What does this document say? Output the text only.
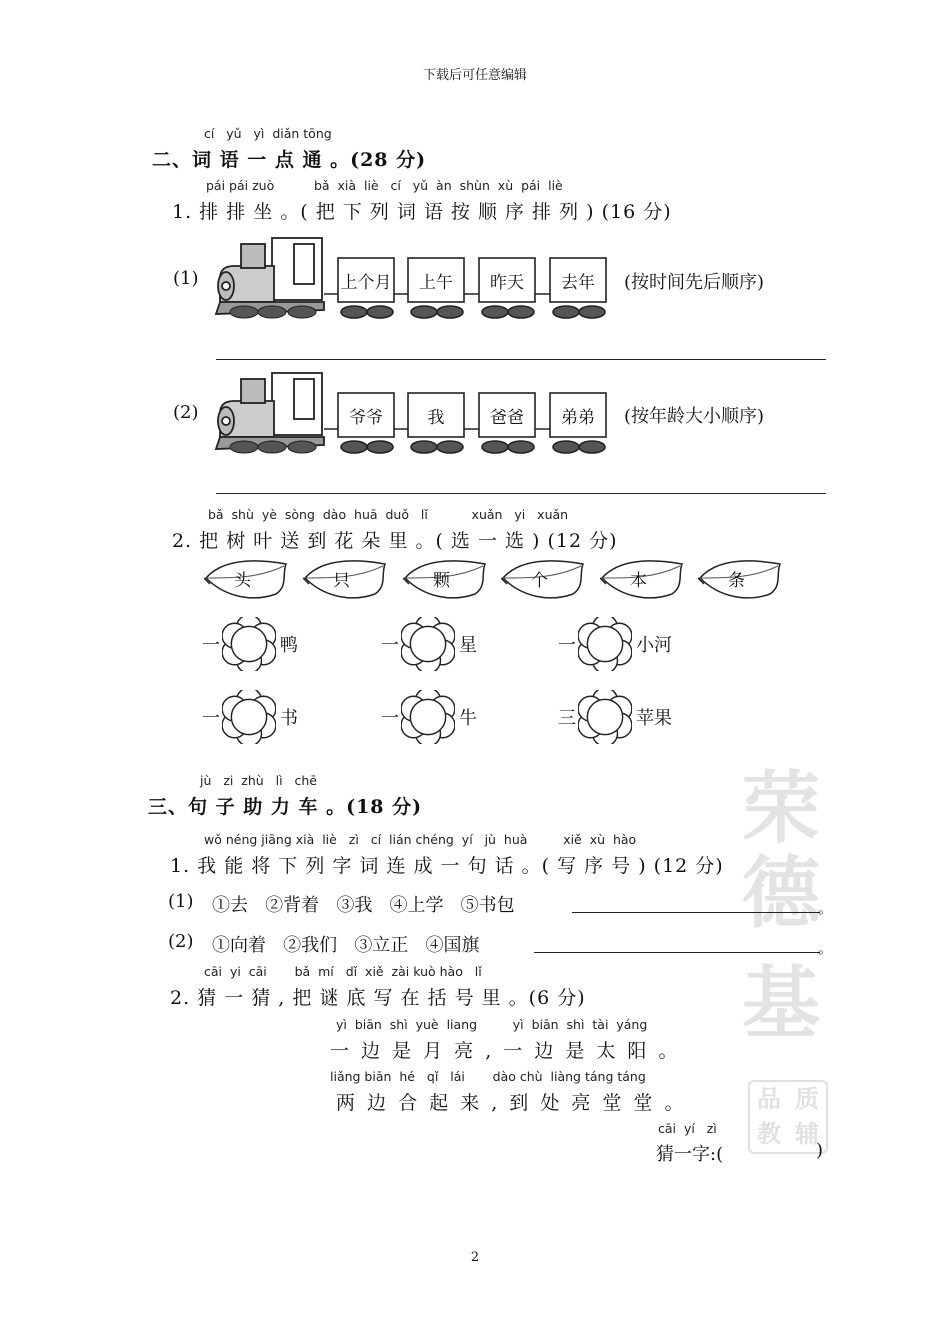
下载后可任意编辑
荣
德
基
品 质
教 辅
cí   yǔ   yì  diǎn tōng
二、词 语 一 点 通 。(28 分)
pái pái zuò          bǎ  xià  liè   cí   yǔ  àn  shùn  xù  pái  liè
1. 排 排 坐 。( 把 下 列 词 语 按 顺 序 排 列 ) (16 分)
(1)	上个月	上午	昨天	去年	(按时间先后顺序)
(2)	爷爷	我	爸爸	弟弟	(按年龄大小顺序)
bǎ  shù  yè  sòng  dào  huā  duǒ   lǐ           xuǎn   yi   xuǎn
2. 把 树 叶 送 到 花 朵 里 。( 选 一 选 ) (12 分)
头	只	颗	个	本	条
一	鸭	一	星	一	小河
一	书	一	牛	三	苹果
jù   zi  zhù   lì   chē
三、句 子 助 力 车 。(18 分)
wǒ néng jiāng xià  liè   zì   cí  lián chéng  yí   jù  huà         xiě  xù  hào
1. 我 能 将 下 列 字 词 连 成 一 句 话 。( 写 序 号 ) (12 分)
(1) ①去   ②背着   ③我   ④上学   ⑤书包	。
(2) ①向着   ②我们   ③立正   ④国旗	。
cāi  yi  cāi       bǎ  mí   dǐ  xiě  zài kuò hào   lǐ
2. 猜 一 猜 , 把 谜 底 写 在 括 号 里 。(6 分)
yì  biān  shì  yuè  liang         yì  biān  shì  tài  yáng
一 边 是 月 亮 , 一 边 是 太 阳 。
liǎng biān  hé   qǐ   lái       dào chù  liàng táng táng
两 边 合 起 来 , 到 处 亮 堂 堂 。
cāi  yí   zì
猜一字:(	)
2
